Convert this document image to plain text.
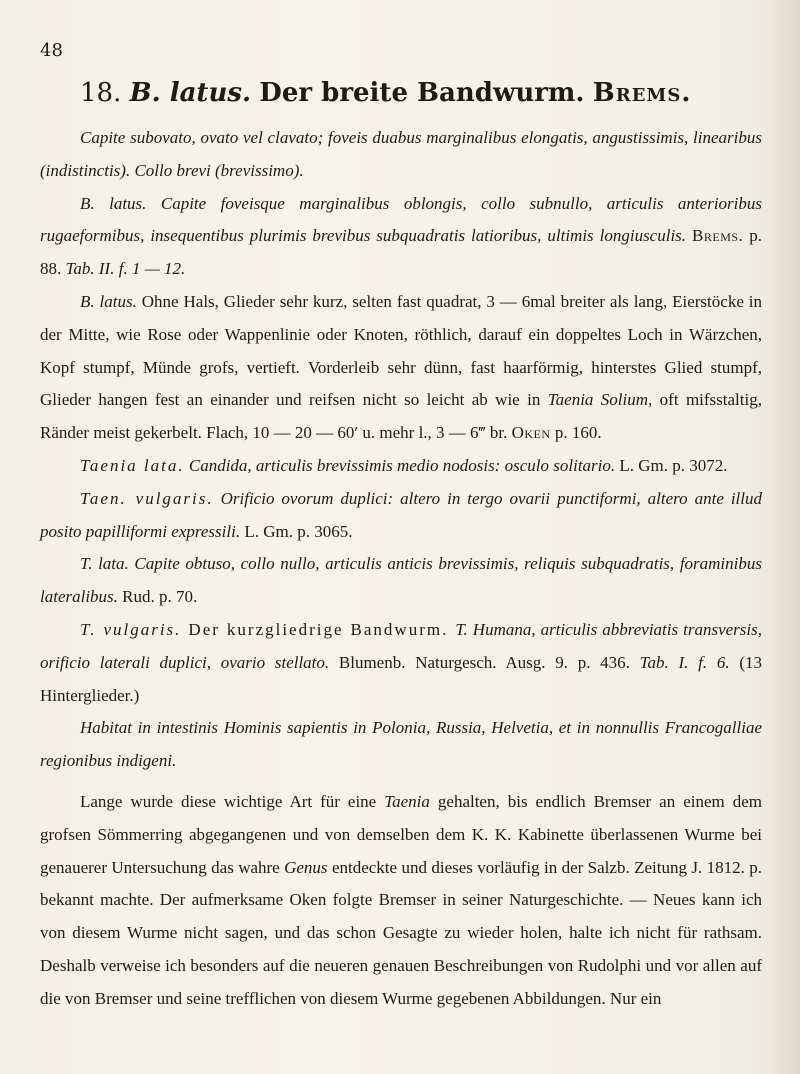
48
18. B. latus. Der breite Bandwurm. Brems.

Capite subovato, ovato vel clavato; foveis duabus marginalibus elongatis, angustissimis, linearibus (indistinctis). Collo brevi (brevissimo).

B. latus. Capite foveisque marginalibus oblongis, collo subnullo, articulis anterioribus rugaeformibus, insequentibus plurimis brevibus subquadratis latioribus, ultimis longiusculis. Brems. p. 88. Tab. II. f. 1 — 12.

B. latus. Ohne Hals, Glieder sehr kurz, selten fast quadrat, 3 — 6mal breiter als lang, Eierstöcke in der Mitte, wie Rose oder Wappenlinie oder Knoten, röthlich, darauf ein doppeltes Loch in Wärzchen, Kopf stumpf, Münde grofs, vertieft. Vorderleib sehr dünn, fast haarförmig, hinterstes Glied stumpf, Glieder hangen fest an einander und reifsen nicht so leicht ab wie in Taenia Solium, oft mifsstaltig, Ränder meist gekerbelt. Flach, 10 — 20 — 60′ u. mehr l., 3 — 6‴ br. Oken p. 160.

Taenia lata. Candida, articulis brevissimis medio nodosis: osculo solitario. L. Gm. p. 3072.

Taen. vulgaris. Orificio ovorum duplici: altero in tergo ovarii punctiformi, altero ante illud posito papilliformi expressili. L. Gm. p. 3065.

T. lata. Capite obtuso, collo nullo, articulis anticis brevissimis, reliquis subquadratis, foraminibus lateralibus. Rud. p. 70.

T. vulgaris. Der kurzgliedrige Bandwurm. T. Humana, articulis abbreviatis transversis, orificio laterali duplici, ovario stellato. Blumenb. Naturgesch. Ausg. 9. p. 436. Tab. I. f. 6. (13 Hinterglieder.)

Habitat in intestinis Hominis sapientis in Polonia, Russia, Helvetia, et in nonnullis Francogalliae regionibus indigeni.

Lange wurde diese wichtige Art für eine Taenia gehalten, bis endlich Bremser an einem dem grofsen Sömmerring abgegangenen und von demselben dem K. K. Kabinette überlassenen Wurme bei genauerer Untersuchung das wahre Genus entdeckte und dieses vorläufig in der Salzb. Zeitung J. 1812. p. bekannt machte. Der aufmerksame Oken folgte Bremser in seiner Naturgeschichte. — Neues kann ich von diesem Wurme nicht sagen, und das schon Gesagte zu wieder holen, halte ich nicht für rathsam. Deshalb verweise ich besonders auf die neueren genauen Beschreibungen von Rudolphi und vor allen auf die von Bremser und seine trefflichen von diesem Wurme gegebenen Abbildungen. Nur ein
